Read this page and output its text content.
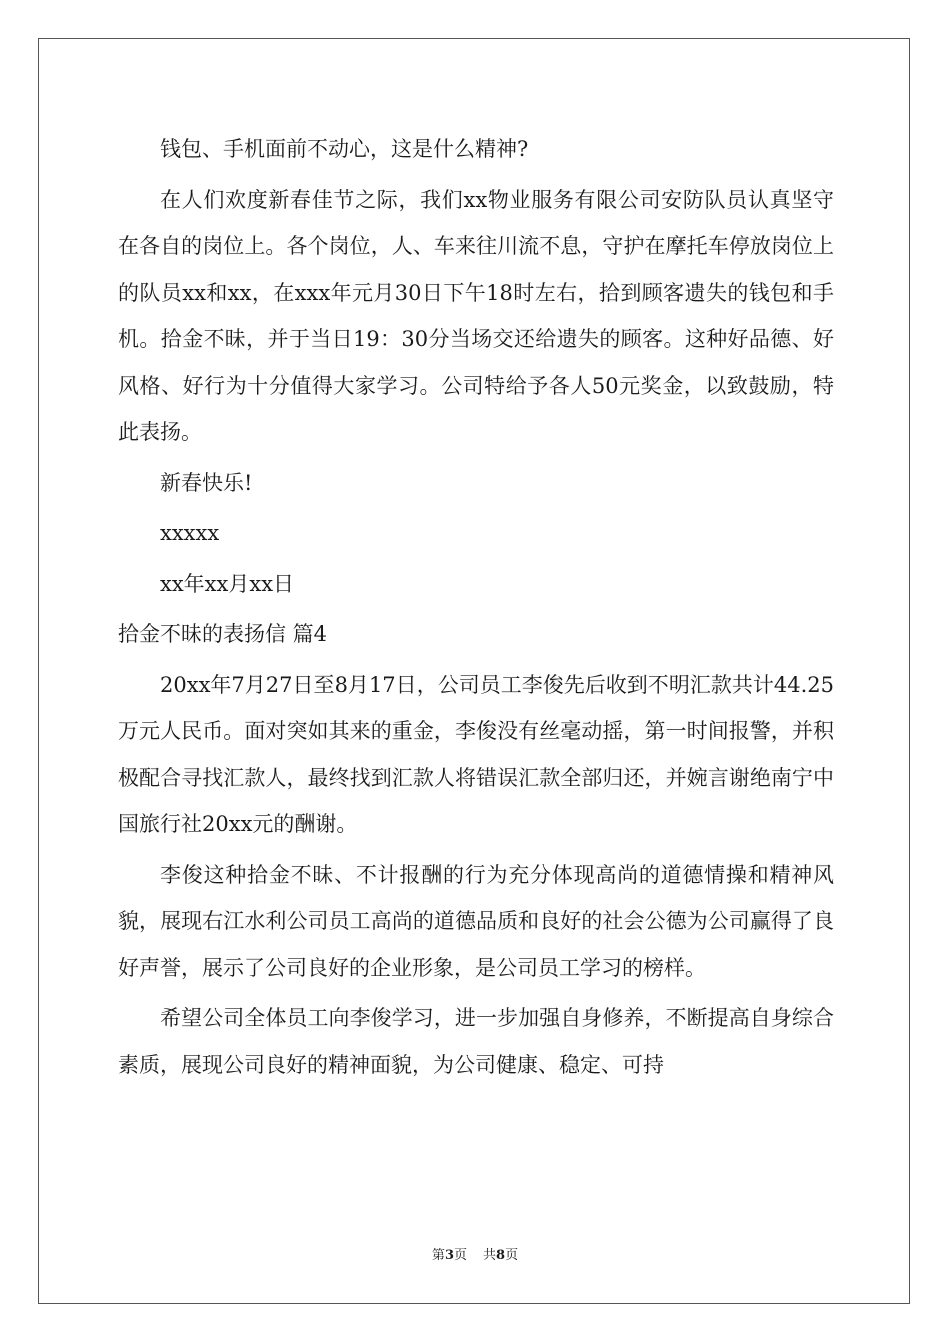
钱包、手机面前不动心，这是什么精神?
在人们欢度新春佳节之际，我们xx物业服务有限公司安防队员认真坚守在各自的岗位上。各个岗位，人、车来往川流不息，守护在摩托车停放岗位上的队员xx和xx，在xxx年元月30日下午18时左右，拾到顾客遗失的钱包和手机。拾金不昧，并于当日19：30分当场交还给遗失的顾客。这种好品德、好风格、好行为十分值得大家学习。公司特给予各人50元奖金，以致鼓励，特此表扬。
新春快乐!
xxxxx
xx年xx月xx日
拾金不昧的表扬信 篇4
20xx年7月27日至8月17日，公司员工李俊先后收到不明汇款共计44.25万元人民币。面对突如其来的重金，李俊没有丝毫动摇，第一时间报警，并积极配合寻找汇款人，最终找到汇款人将错误汇款全部归还，并婉言谢绝南宁中国旅行社20xx元的酬谢。
李俊这种拾金不昧、不计报酬的行为充分体现高尚的道德情操和精神风貌，展现右江水利公司员工高尚的道德品质和良好的社会公德为公司赢得了良好声誉，展示了公司良好的企业形象，是公司员工学习的榜样。
希望公司全体员工向李俊学习，进一步加强自身修养，不断提高自身综合素质，展现公司良好的精神面貌，为公司健康、稳定、可持
第3页 共8页
